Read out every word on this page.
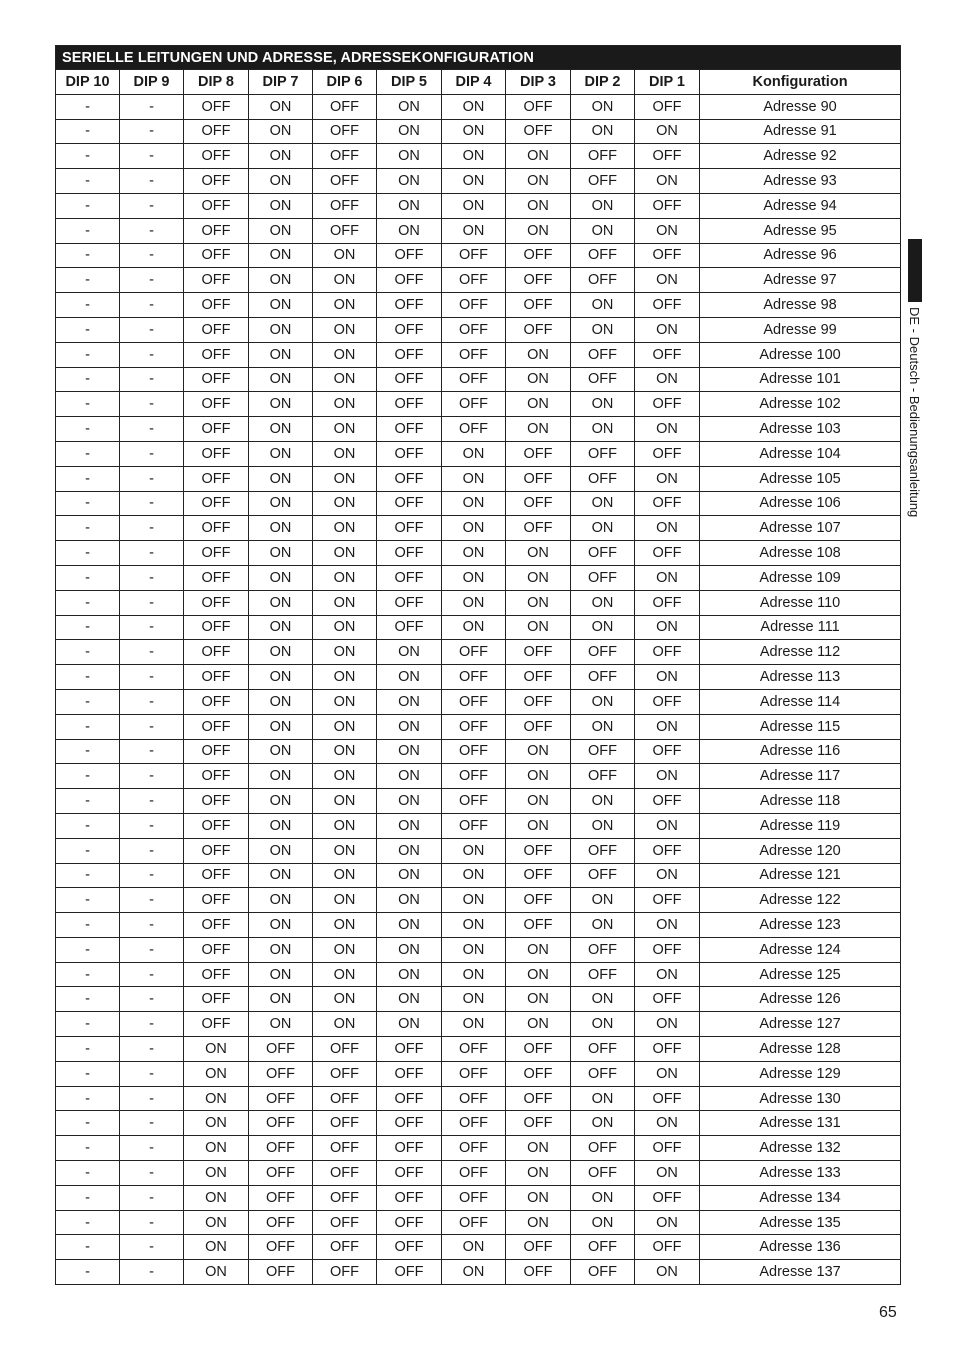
SERIELLE LEITUNGEN UND ADRESSE, ADRESSEKONFIGURATION										
DIP 10	DIP 9	DIP 8	DIP 7	DIP 6	DIP 5	DIP 4	DIP 3	DIP 2	DIP 1	Konfiguration
-	-	OFF	ON	OFF	ON	ON	OFF	ON	OFF	Adresse 90
-	-	OFF	ON	OFF	ON	ON	OFF	ON	ON	Adresse 91
-	-	OFF	ON	OFF	ON	ON	ON	OFF	OFF	Adresse 92
-	-	OFF	ON	OFF	ON	ON	ON	OFF	ON	Adresse 93
-	-	OFF	ON	OFF	ON	ON	ON	ON	OFF	Adresse 94
-	-	OFF	ON	OFF	ON	ON	ON	ON	ON	Adresse 95
-	-	OFF	ON	ON	OFF	OFF	OFF	OFF	OFF	Adresse 96
-	-	OFF	ON	ON	OFF	OFF	OFF	OFF	ON	Adresse 97
-	-	OFF	ON	ON	OFF	OFF	OFF	ON	OFF	Adresse 98
-	-	OFF	ON	ON	OFF	OFF	OFF	ON	ON	Adresse 99
-	-	OFF	ON	ON	OFF	OFF	ON	OFF	OFF	Adresse 100
-	-	OFF	ON	ON	OFF	OFF	ON	OFF	ON	Adresse 101
-	-	OFF	ON	ON	OFF	OFF	ON	ON	OFF	Adresse 102
-	-	OFF	ON	ON	OFF	OFF	ON	ON	ON	Adresse 103
-	-	OFF	ON	ON	OFF	ON	OFF	OFF	OFF	Adresse 104
-	-	OFF	ON	ON	OFF	ON	OFF	OFF	ON	Adresse 105
-	-	OFF	ON	ON	OFF	ON	OFF	ON	OFF	Adresse 106
-	-	OFF	ON	ON	OFF	ON	OFF	ON	ON	Adresse 107
-	-	OFF	ON	ON	OFF	ON	ON	OFF	OFF	Adresse 108
-	-	OFF	ON	ON	OFF	ON	ON	OFF	ON	Adresse 109
-	-	OFF	ON	ON	OFF	ON	ON	ON	OFF	Adresse 110
-	-	OFF	ON	ON	OFF	ON	ON	ON	ON	Adresse 111
-	-	OFF	ON	ON	ON	OFF	OFF	OFF	OFF	Adresse 112
-	-	OFF	ON	ON	ON	OFF	OFF	OFF	ON	Adresse 113
-	-	OFF	ON	ON	ON	OFF	OFF	ON	OFF	Adresse 114
-	-	OFF	ON	ON	ON	OFF	OFF	ON	ON	Adresse 115
-	-	OFF	ON	ON	ON	OFF	ON	OFF	OFF	Adresse 116
-	-	OFF	ON	ON	ON	OFF	ON	OFF	ON	Adresse 117
-	-	OFF	ON	ON	ON	OFF	ON	ON	OFF	Adresse 118
-	-	OFF	ON	ON	ON	OFF	ON	ON	ON	Adresse 119
-	-	OFF	ON	ON	ON	ON	OFF	OFF	OFF	Adresse 120
-	-	OFF	ON	ON	ON	ON	OFF	OFF	ON	Adresse 121
-	-	OFF	ON	ON	ON	ON	OFF	ON	OFF	Adresse 122
-	-	OFF	ON	ON	ON	ON	OFF	ON	ON	Adresse 123
-	-	OFF	ON	ON	ON	ON	ON	OFF	OFF	Adresse 124
-	-	OFF	ON	ON	ON	ON	ON	OFF	ON	Adresse 125
-	-	OFF	ON	ON	ON	ON	ON	ON	OFF	Adresse 126
-	-	OFF	ON	ON	ON	ON	ON	ON	ON	Adresse 127
-	-	ON	OFF	OFF	OFF	OFF	OFF	OFF	OFF	Adresse 128
-	-	ON	OFF	OFF	OFF	OFF	OFF	OFF	ON	Adresse 129
-	-	ON	OFF	OFF	OFF	OFF	OFF	ON	OFF	Adresse 130
-	-	ON	OFF	OFF	OFF	OFF	OFF	ON	ON	Adresse 131
-	-	ON	OFF	OFF	OFF	OFF	ON	OFF	OFF	Adresse 132
-	-	ON	OFF	OFF	OFF	OFF	ON	OFF	ON	Adresse 133
-	-	ON	OFF	OFF	OFF	OFF	ON	ON	OFF	Adresse 134
-	-	ON	OFF	OFF	OFF	OFF	ON	ON	ON	Adresse 135
-	-	ON	OFF	OFF	OFF	ON	OFF	OFF	OFF	Adresse 136
-	-	ON	OFF	OFF	OFF	ON	OFF	OFF	ON	Adresse 137
DE - Deutsch - Bedienungsanleitung
65
